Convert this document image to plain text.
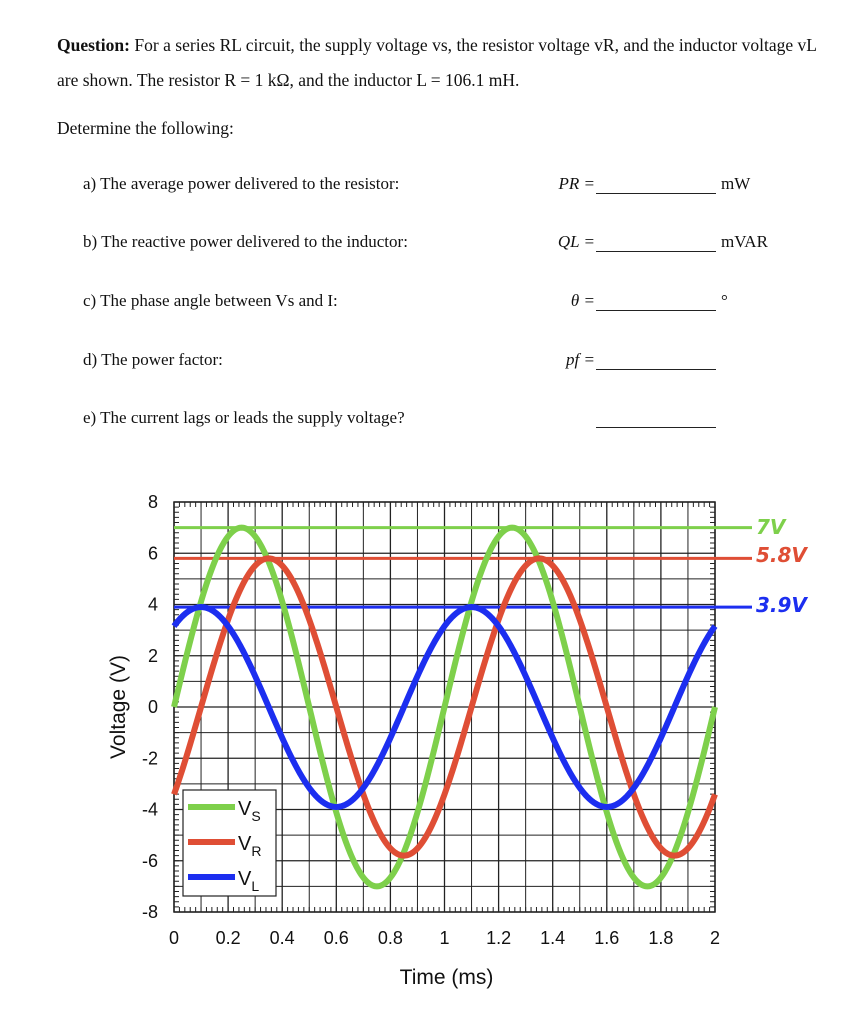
Question: For a series RL circuit, the supply voltage vs, the resistor voltage vR, and the inductor voltage vL are shown. The resistor R = 1 kΩ, and the inductor L = 106.1 mH.
Determine the following:
a) The average power delivered to the resistor:	PR =	mW
b) The reactive power delivered to the inductor:	QL =	mVAR
c) The phase angle between Vs and I:	θ =	°
d) The power factor:	pf =
e) The current lags or leads the supply voltage?
0 0.2 0.4 0.6 0.8 1 1.2 1.4 1.6 1.8 2
8
6
4
2
0
-2
-4
-6
-8
Time (ms)
Voltage (V)
$V_S$
$V_R$
$V_L$
7V
5.8V
3.9V
